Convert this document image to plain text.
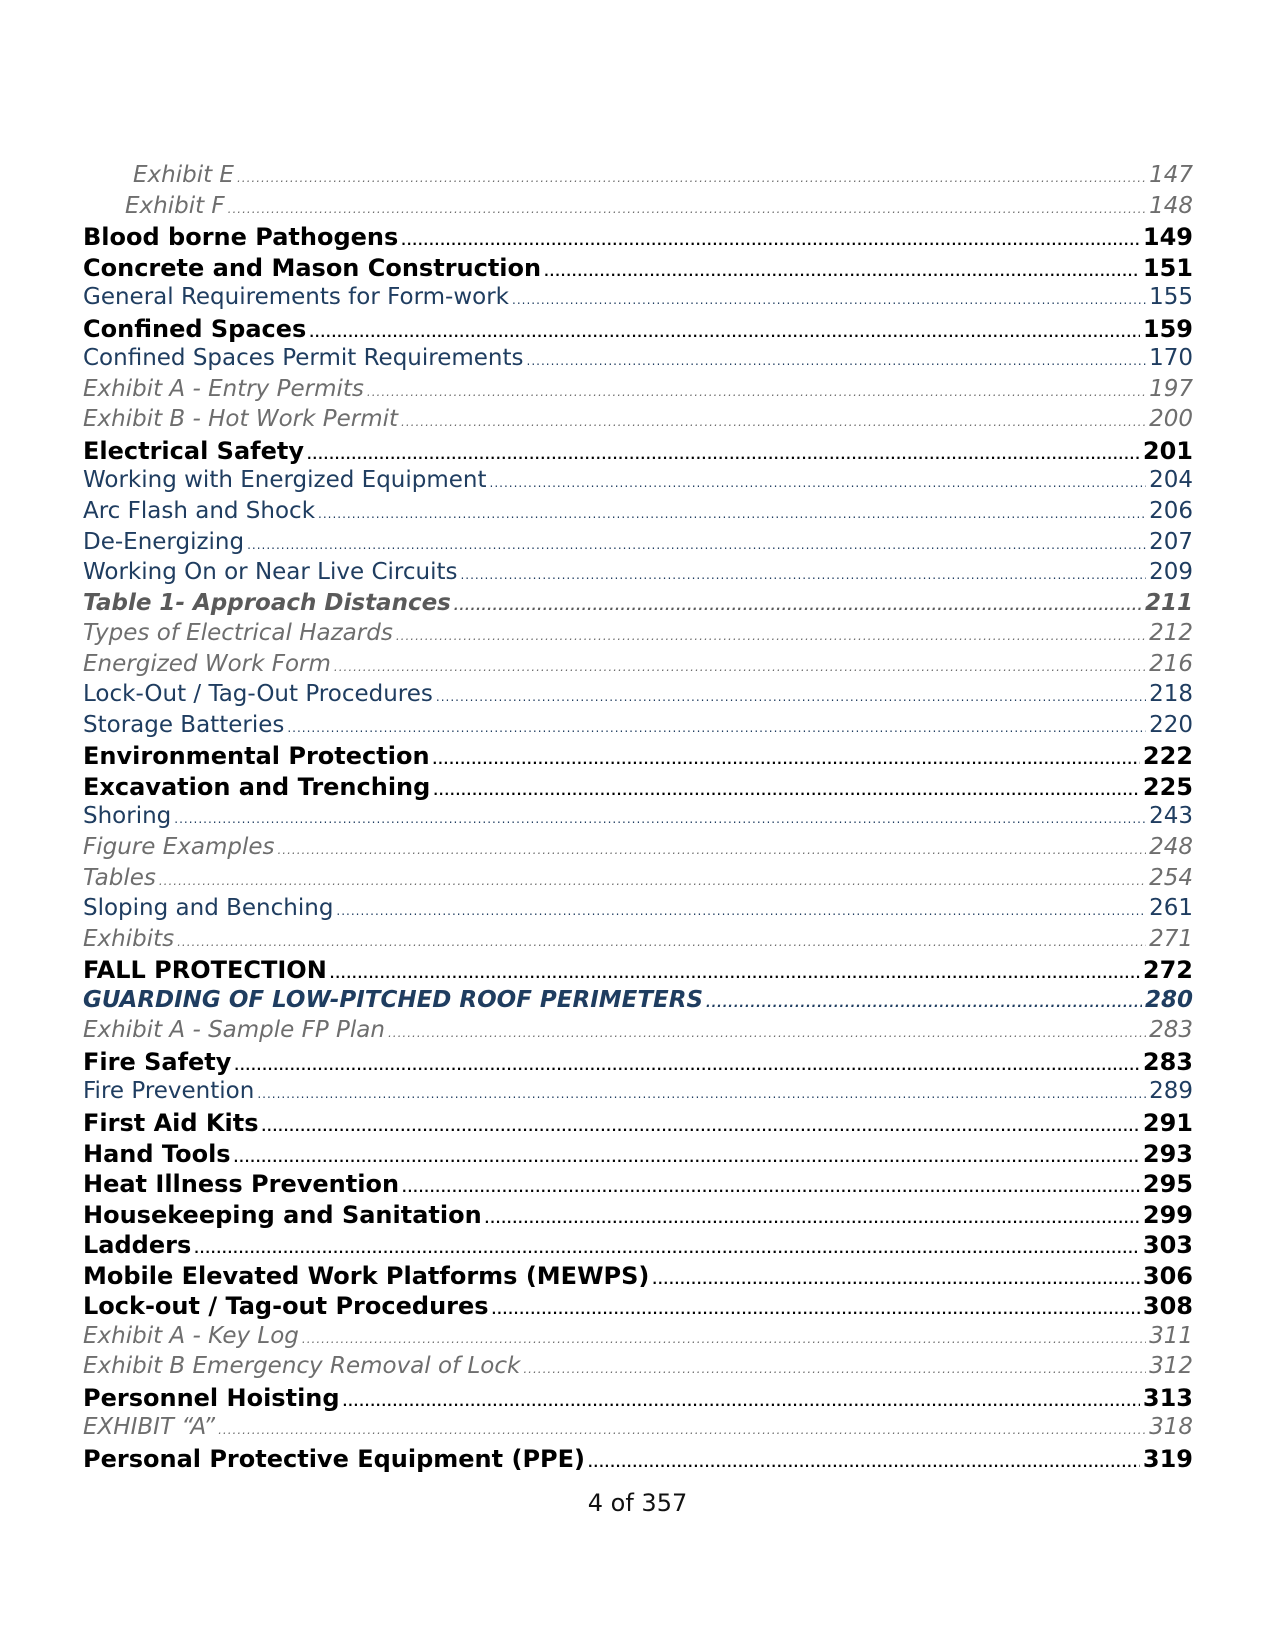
Exhibit E .....	147
Exhibit F .....	148
Blood borne Pathogens .....	149
Concrete and Mason Construction .....	151
General Requirements for Form-work .....	155
Confined Spaces .....	159
Confined Spaces Permit Requirements .....	170
Exhibit A - Entry Permits .....	197
Exhibit B - Hot Work Permit .....	200
Electrical Safety .....	201
Working with Energized Equipment .....	204
Arc Flash and Shock .....	206
De-Energizing .....	207
Working On or Near Live Circuits .....	209
Table 1- Approach Distances .....	211
Types of Electrical Hazards .....	212
Energized Work Form .....	216
Lock-Out / Tag-Out Procedures .....	218
Storage Batteries .....	220
Environmental Protection .....	222
Excavation and Trenching .....	225
Shoring .....	243
Figure Examples .....	248
Tables .....	254
Sloping and Benching .....	261
Exhibits .....	271
FALL PROTECTION .....	272
GUARDING OF LOW-PITCHED ROOF PERIMETERS .....	280
Exhibit A - Sample FP Plan .....	283
Fire Safety .....	283
Fire Prevention .....	289
First Aid Kits .....	291
Hand Tools .....	293
Heat Illness Prevention .....	295
Housekeeping and Sanitation .....	299
Ladders .....	303
Mobile Elevated Work Platforms (MEWPS) .....	306
Lock-out / Tag-out Procedures .....	308
Exhibit A - Key Log .....	311
Exhibit B Emergency Removal of Lock .....	312
Personnel Hoisting .....	313
EXHIBIT “A” .....	318
Personal Protective Equipment (PPE) .....	319
4 of 357
